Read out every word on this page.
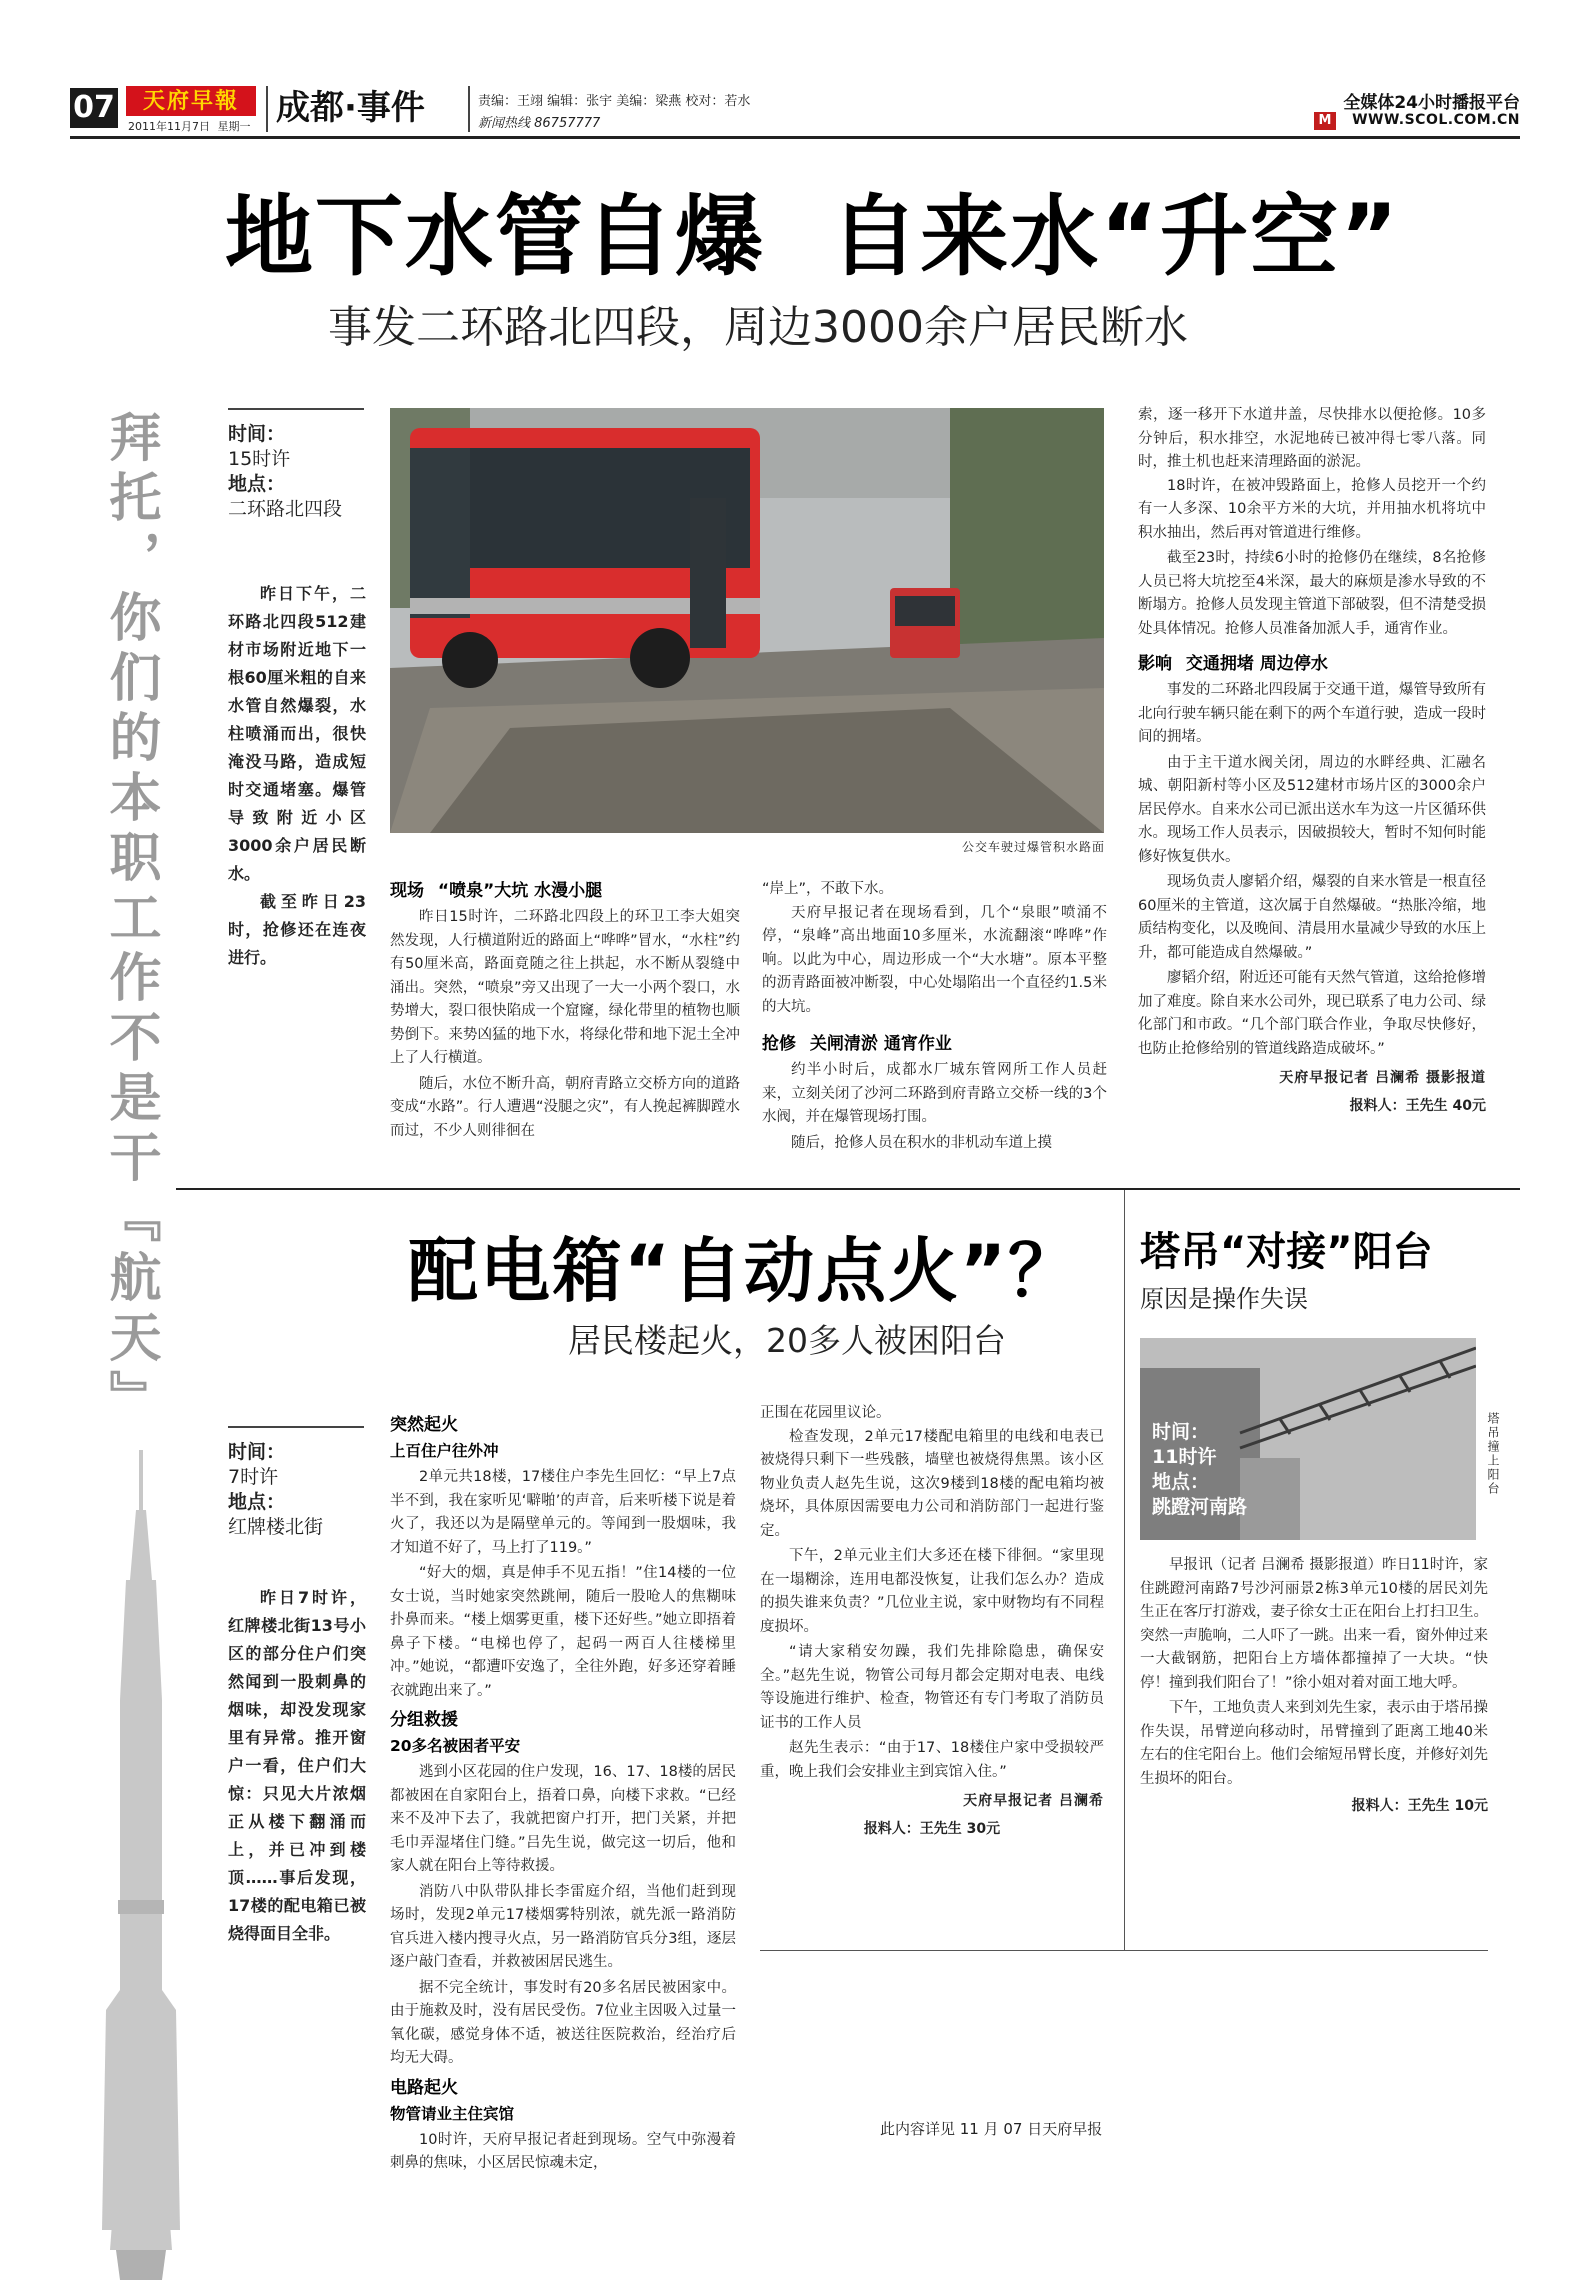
07	天府早報
2011年11月7日 星期一 成都·事件	责编：王翊 编辑：张宇 美编：梁燕 校对：若水
新闻热线 86757777
全媒体24小时播报平台
M	WWW.SCOL.COM.CN
地下水管自爆  自来水“升空”
事发二环路北四段，周边3000余户居民断水
拜托，你们的本职工作不是干『航天』	时间：
15时许
地点：
二环路北四段

昨日下午，二环路北四段512建材市场附近地下一根60厘米粗的自来水管自然爆裂，水柱喷涌而出，很快淹没马路，造成短时交通堵塞。爆管导致附近小区3000余户居民断水。

截至昨日23时，抢修还在连夜进行。

公交车驶过爆管积水路面
现场 “喷泉”大坑 水漫小腿

昨日15时许，二环路北四段上的环卫工李大姐突然发现，人行横道附近的路面上“哗哗”冒水，“水柱”约有50厘米高，路面竟随之往上拱起，水不断从裂缝中涌出。突然，“喷泉”旁又出现了一大一小两个裂口，水势增大，裂口很快陷成一个窟窿，绿化带里的植物也顺势倒下。来势凶猛的地下水，将绿化带和地下泥土全冲上了人行横道。

随后，水位不断升高，朝府青路立交桥方向的道路变成“水路”。行人遭遇“没腿之灾”，有人挽起裤脚蹚水而过，不少人则徘徊在

“岸上”，不敢下水。

天府早报记者在现场看到，几个“泉眼”喷涌不停，“泉峰”高出地面10多厘米，水流翻滚“哗哗”作响。以此为中心，周边形成一个“大水塘”。原本平整的沥青路面被冲断裂，中心处塌陷出一个直径约1.5米的大坑。

抢修 关闸清淤 通宵作业

约半小时后，成都水厂城东管网所工作人员赶来，立刻关闭了沙河二环路到府青路立交桥一线的3个水阀，并在爆管现场打围。

随后，抢修人员在积水的非机动车道上摸

索，逐一移开下水道井盖，尽快排水以便抢修。10多分钟后，积水排空，水泥地砖已被冲得七零八落。同时，推土机也赶来清理路面的淤泥。

18时许，在被冲毁路面上，抢修人员挖开一个约有一人多深、10余平方米的大坑，并用抽水机将坑中积水抽出，然后再对管道进行维修。

截至23时，持续6小时的抢修仍在继续，8名抢修人员已将大坑挖至4米深，最大的麻烦是渗水导致的不断塌方。抢修人员发现主管道下部破裂，但不清楚受损处具体情况。抢修人员准备加派人手，通宵作业。

影响 交通拥堵 周边停水

事发的二环路北四段属于交通干道，爆管导致所有北向行驶车辆只能在剩下的两个车道行驶，造成一段时间的拥堵。

由于主干道水阀关闭，周边的水畔经典、汇融名城、朝阳新村等小区及512建材市场片区的3000余户居民停水。自来水公司已派出送水车为这一片区循环供水。现场工作人员表示，因破损较大，暂时不知何时能修好恢复供水。

现场负责人廖韬介绍，爆裂的自来水管是一根直径60厘米的主管道，这次属于自然爆破。“热胀冷缩，地质结构变化，以及晚间、清晨用水量减少导致的水压上升，都可能造成自然爆破。”

廖韬介绍，附近还可能有天然气管道，这给抢修增加了难度。除自来水公司外，现已联系了电力公司、绿化部门和市政。“几个部门联合作业，争取尽快修好，也防止抢修给别的管道线路造成破坏。”

天府早报记者 吕澜希 摄影报道
报料人：王先生 40元
配电箱“自动点火”？
居民楼起火，20多人被困阳台
时间：
7时许
地点：
红牌楼北街

昨日7时许，红牌楼北街13号小区的部分住户们突然闻到一股刺鼻的烟味，却没发现家里有异常。推开窗户一看，住户们大惊：只见大片浓烟正从楼下翻涌而上，并已冲到楼顶……事后发现，17楼的配电箱已被烧得面目全非。

突然起火
上百住户往外冲

2单元共18楼，17楼住户李先生回忆：“早上7点半不到，我在家听见‘噼啪’的声音，后来听楼下说是着火了，我还以为是隔壁单元的。等闻到一股烟味，我才知道不好了，马上打了119。”

“好大的烟，真是伸手不见五指！”住14楼的一位女士说，当时她家突然跳闸，随后一股呛人的焦糊味扑鼻而来。“楼上烟雾更重，楼下还好些。”她立即捂着鼻子下楼。“电梯也停了，起码一两百人往楼梯里冲。”她说，“都遭吓安逸了，全往外跑，好多还穿着睡衣就跑出来了。”

分组救援
20多名被困者平安

逃到小区花园的住户发现，16、17、18楼的居民都被困在自家阳台上，捂着口鼻，向楼下求救。“已经来不及冲下去了，我就把窗户打开，把门关紧，并把毛巾弄湿堵住门缝。”吕先生说，做完这一切后，他和家人就在阳台上等待救援。

消防八中队带队排长李雷庭介绍，当他们赶到现场时，发现2单元17楼烟雾特别浓，就先派一路消防官兵进入楼内搜寻火点，另一路消防官兵分3组，逐层逐户敲门查看，并救被困居民逃生。

据不完全统计，事发时有20多名居民被困家中。由于施救及时，没有居民受伤。7位业主因吸入过量一氧化碳，感觉身体不适，被送往医院救治，经治疗后均无大碍。

电路起火
物管请业主住宾馆

10时许，天府早报记者赶到现场。空气中弥漫着刺鼻的焦味，小区居民惊魂未定，

正围在花园里议论。

检查发现，2单元17楼配电箱里的电线和电表已被烧得只剩下一些残骸，墙壁也被烧得焦黑。该小区物业负责人赵先生说，这次9楼到18楼的配电箱均被烧坏，具体原因需要电力公司和消防部门一起进行鉴定。

下午，2单元业主们大多还在楼下徘徊。“家里现在一塌糊涂，连用电都没恢复，让我们怎么办？造成的损失谁来负责？”几位业主说，家中财物均有不同程度损坏。

“请大家稍安勿躁，我们先排除隐患，确保安全。”赵先生说，物管公司每月都会定期对电表、电线等设施进行维护、检查，物管还有专门考取了消防员证书的工作人员

赵先生表示：“由于17、18楼住户家中受损较严重，晚上我们会安排业主到宾馆入住。”

天府早报记者 吕澜希
报料人：王先生 30元
塔吊“对接”阳台
原因是操作失误
时间：
11时许
地点：
跳蹬河南路
塔吊撞上阳台

早报讯（记者 吕澜希 摄影报道）昨日11时许，家住跳蹬河南路7号沙河丽景2栋3单元10楼的居民刘先生正在客厅打游戏，妻子徐女士正在阳台上打扫卫生。突然一声脆响，二人吓了一跳。出来一看，窗外伸过来一大截钢筋，把阳台上方墙体都撞掉了一大块。“快停！撞到我们阳台了！”徐小姐对着对面工地大呼。

下午，工地负责人来到刘先生家，表示由于塔吊操作失误，吊臂逆向移动时，吊臂撞到了距离工地40米左右的住宅阳台上。他们会缩短吊臂长度，并修好刘先生损坏的阳台。

报料人：王先生 10元
此内容详见 11 月 07 日天府早报
